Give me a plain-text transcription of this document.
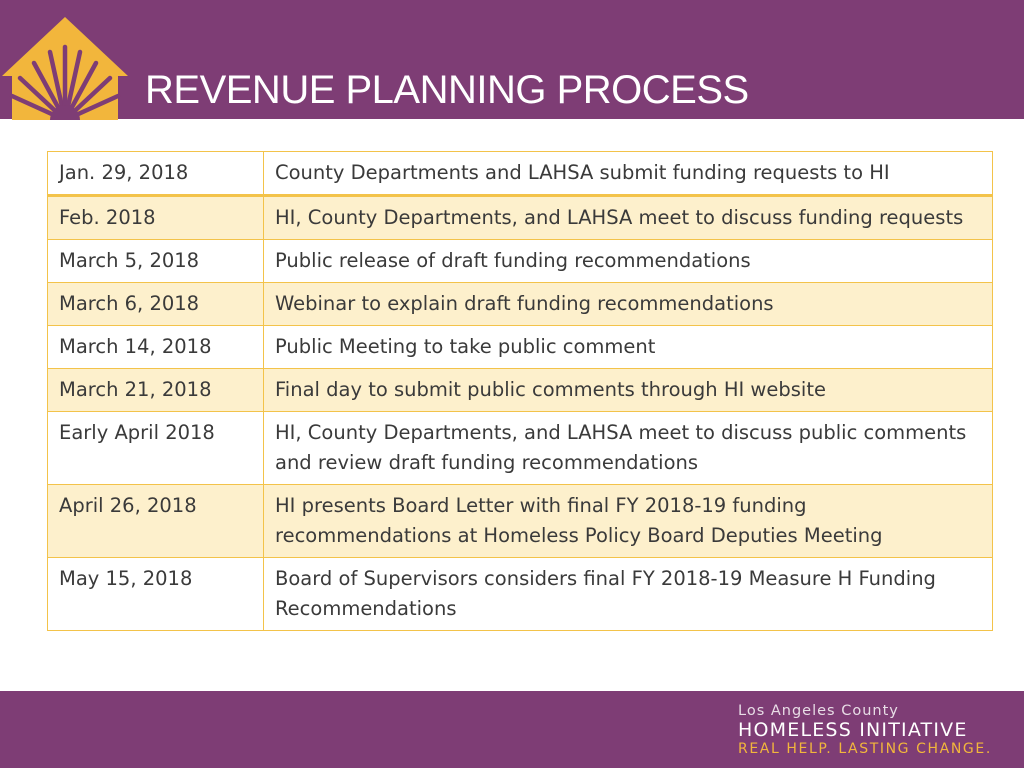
REVENUE PLANNING PROCESS
Jan. 29, 2018	County Departments and LAHSA submit funding requests to HI
Feb. 2018	HI, County Departments, and LAHSA meet to discuss funding requests
March 5, 2018	Public release of draft funding recommendations
March 6, 2018	Webinar to explain draft funding recommendations
March 14, 2018	Public Meeting to take public comment
March 21, 2018	Final day to submit public comments through HI website
Early April 2018	HI, County Departments, and LAHSA meet to discuss public comments and review draft funding recommendations
April 26, 2018	HI presents Board Letter with final FY 2018-19 funding recommendations at Homeless Policy Board Deputies Meeting
May 15, 2018	Board of Supervisors considers final FY 2018-19 Measure H Funding Recommendations
Los Angeles County
HOMELESS INITIATIVE
REAL HELP. LASTING CHANGE.
